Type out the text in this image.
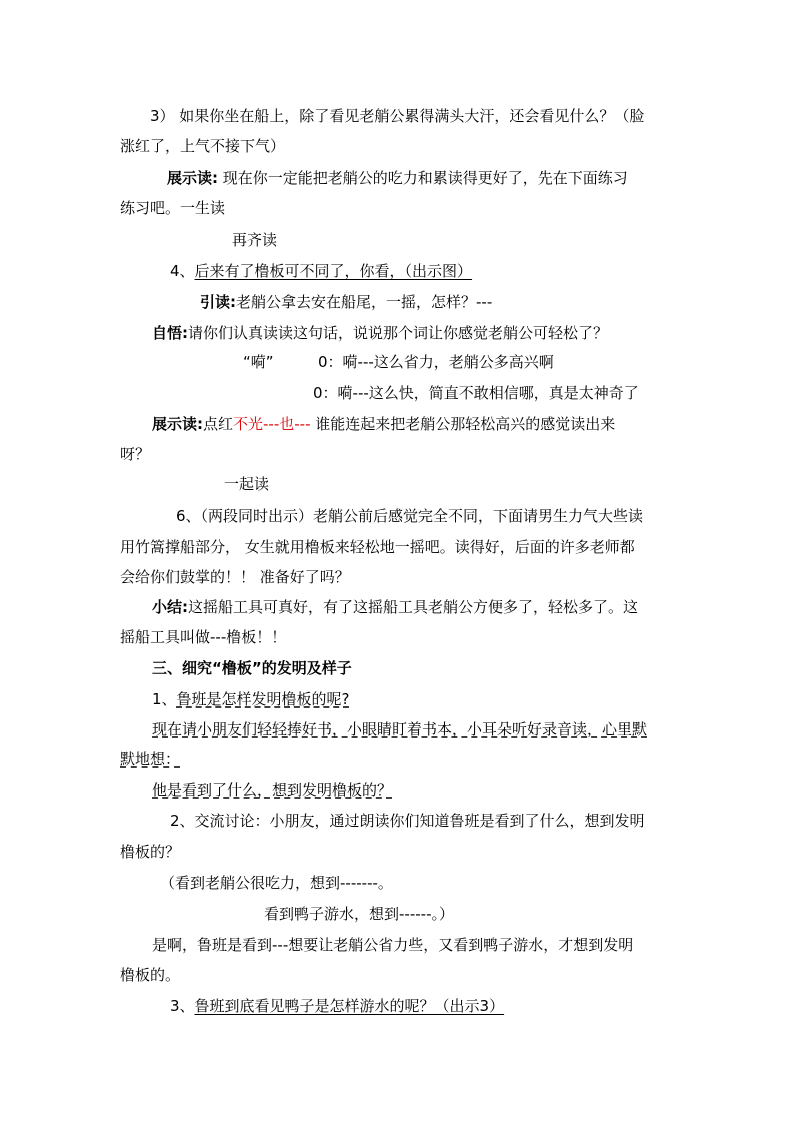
3） 如果你坐在船上，除了看见老艄公累得满头大汗，还会看见什么？（脸
涨红了，上气不接下气）
展示读: 现在你一定能把老艄公的吃力和累读得更好了，先在下面练习
练习吧。一生读
再齐读
4、后来有了橹板可不同了，你看，（出示图）
引读:老艄公拿去安在船尾，一摇，怎样？---
自悟:请你们认真读读这句话，说说那个词让你感觉老艄公可轻松了？
“嗬”	0：嗬---这么省力，老艄公多高兴啊
0：嗬---这么快，简直不敢相信哪，真是太神奇了
展示读:点红不光---也--- 谁能连起来把老艄公那轻松高兴的感觉读出来
呀？
一起读
6、（两段同时出示）老艄公前后感觉完全不同，下面请男生力气大些读
用竹篙撑船部分， 女生就用橹板来轻松地一摇吧。读得好，后面的许多老师都
会给你们鼓掌的！！ 准备好了吗？
小结:这摇船工具可真好，有了这摇船工具老艄公方便多了，轻松多了。这
摇船工具叫做---橹板！！
三、细究“橹板”的发明及样子
1、鲁班是怎样发明橹板的呢?
现在请小朋友们轻轻捧好书，小眼睛盯着书本，小耳朵听好录音读，心里默
默地想：
他是看到了什么，想到发明橹板的？
2、交流讨论：小朋友，通过朗读你们知道鲁班是看到了什么，想到发明
橹板的？
（看到老艄公很吃力，想到-------。
看到鸭子游水，想到------。）
是啊，鲁班是看到---想要让老艄公省力些，又看到鸭子游水，才想到发明
橹板的。
3、鲁班到底看见鸭子是怎样游水的呢？（出示3）
